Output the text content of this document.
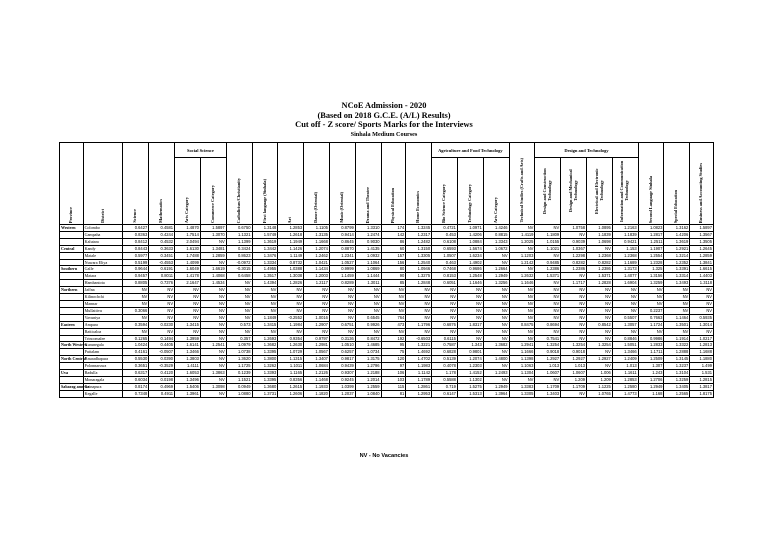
NCoE Admission - 2020
(Based on 2018 G.C.E. (A/L) Results)
Cut off - Z score/ Sports Marks for the Interviews
Sinhala Medium Courses
Province	District	Science	Mathematics	Social Science		Catholicism/Christianity	First language (Sinhala)	Art	Dance (Oriental)	Music (Oriental)	Drama and Theatre	Physical Education	Home Economics	Agriculture and Food Technology			Technical Studies (Crafts and Arts)	Design and Technology				Second Language Sinhala	Special Education	Business and Accounting Studies

				Arts Category	Commerce Category									Bio Science Category	Technology Category	Arts Category		Design and Construction Technology	Design and Mechanical Technology	Electrical and Electronic Technology	Information and Communication Technology			

Western	Colombo	0.6427	0.4581	1.4870	1.5897	0.6750	1.3148	1.2853	1.1105	0.8799	1.3310	174	1.3245	0.4721	1.0971	1.4246	NV	NV	1.0758	1.0895	1.2163	1.0823	1.3162	1.5897
	Gampaha	0.8363	0.4244	1.7514	1.3070	1.1321	1.5749	1.2618	1.3135	0.9414	1.2474	142	1.2317	0.453	1.4206	0.8815	1.4119	1.1809	NV	1.1839	1.1839	1.2817	1.4206	1.3567
	Kalutara	0.8412	0.4532	2.0494	NV	1.1399	1.3619	1.1949	1.1668	0.8645	0.9030	86	1.2482	0.6108	1.0884	1.3343	1.2025	1.0155	0.9039	1.0698	0.9421	1.2511	1.3619	1.3505
Central	Kandy	0.8443	0.3633	1.6130	1.3481	0.3424	1.3442	1.1426	1.2074	0.8870	1.4135	60	1.3150	0.6593	1.5674	1.0672	NV	1.1021	1.0367	NV	1.153	1.1907	1.2921	1.2645
	Matale	0.5977	0.3451	1.7488	1.2859	0.8623	1.3476	1.1149	1.2462	1.2341	1.0932	157	1.3305	1.0507	1.6234	NV	1.1203	NV	1.2298	1.2368	1.2368	1.2554	1.3214	1.2859
	Nuwara Eliya	0.5199	-0.4553	1.4099	NV	-0.0972	1.3334	0.8732	1.0421	1.0527	1.1064	156	1.2540	0.463	1.4902	NV	1.2142	0.9485	0.8282	0.8282	1.1689	1.2328	1.2352	1.3841
Southern	Galle	0.9644	0.6191	1.6049	1.6619	-0.3015	1.4955	1.0388	1.1434	0.9999	1.0869	80	1.0946	0.7468	0.9686	1.2664	NV	1.2386	1.2386	1.2386	1.3173	1.325	1.3391	1.6615
	Matara	0.9457	0.8011	1.4178	1.4068	0.6458	1.3517	1.3038	1.2003	1.1459	1.1444	90	1.3275	0.8153	1.2548	1.2949	1.2632	1.5371	NV	1.5371	1.4077	1.3156	1.3314	1.4403
	Hambantota	0.8805	0.7376	2.1647	1.4534	NV	1.4394	1.2826	1.2117	0.8289	1.3011	85	1.2848	0.6051	1.1646	1.3256	1.1646	NV	1.1717	1.2828	1.6904	1.3259	1.3493	1.3118
Northern	Jaffna	NV	NV	NV	NV	NV	NV	NV	NV	NV	NV	NV	NV	NV	NV	NV	NV	NV	NV	NV	NV	NV	NV	NV
	Kilinochchi	NV	NV	NV	NV	NV	NV	NV	NV	NV	NV	NV	NV	NV	NV	NV	NV	NV	NV	NV	NV	NV	NV	NV
	Mannar	NV	NV	NV	NV	NV	NV	NV	NV	NV	NV	NV	NV	NV	NV	NV	NV	NV	NV	NV	NV	NV	NV	NV
	Mullaitivu	0.3066	NV	NV	NV	NV	NV	NV	NV	NV	NV	NV	NV	NV	NV	NV	NV	NV	NV	NV	NV	0.2237	NV	NV
	Vavuniya	NV	NV	NV	NV	NV	1.1849	-0.2552	1.0016	NV	0.6545	764	NV	NV	NV	NV	NV	NV	NV	NV	0.5507	0.7663	1.1464	0.5935
Eastern	Ampara	0.3594	0.0230	1.3415	NV	0.573	1.3415	1.1984	1.2907	0.6751	0.9926	473	1.1796	0.6876	1.8317	NV	0.8475	0.8694	NV	0.8542	1.3057	1.1724	1.3501	1.3014
	Batticaloa	NV	NV	NV	NV	NV	NV	NV	NV	NV	NV	NV	NV	NV	NV	NV	NV	NV	NV	NV	NV	NV	NV	NV
	Trincomalee	0.1265	0.1494	1.3959	NV	0.357	1.2693	0.9354	0.9797	0.3136	0.8472	192	-0.6503	0.6115	NV	NV	NV	0.7541	NV	NV	0.8846	0.9986	1.1914	1.0217
North Western	Kurunegala	1.0424	0.4405	1.6141	1.2541	1.0979	1.3682	1.2630	1.2981	1.0510	1.4685	95	1.3221	0.7587	1.343	1.3682	1.2941	1.3254	1.3254	1.3254	1.5051	1.2833	1.3322	1.2813
	Puttalam	0.4161	-0.0507	1.3466	NV	1.0738	1.3395	1.0729	1.0567	0.6257	1.0734	75	1.4692	0.6828	0.9801	NV	1.1666	0.9018	0.9018	NV	1.3466	1.1711	1.2888	1.1688
North Central	Anuradhapura	0.5530	0.0390	1.3803	NV	1.3620	1.3800	1.1315	1.3407	0.9817	1.3175	120	1.4702	0.5139	1.2074	1.4800	1.1398	1.2927	1.2927	1.2927	1.2409	1.2509	1.3145	1.1880
	Polonnaruwa	0.3651	-0.3529	1.4111	NV	1.1725	1.3262	1.1011	1.0684	0.9439	1.2796	97	1.1983	0.4078	1.2303	NV	1.1063	1.013	1.013	NV	1.013	1.307	1.3237	1.499
Uva	Badulla	0.6317	0.4120	1.6053	1.3863	0.1239	1.3393	1.1165	1.2126	0.9307	1.2188	106	1.1142	1.178	1.4152	1.2493	1.1304	1.0607	1.0607	1.006	1.1611	1.243	1.3104	1.531
	Monaragala	0.6034	0.0198	1.3496	NV	1.1521	1.3395	0.8356	1.1468	0.9245	1.2014	103	1.1789	0.5588	1.1302	NV	NV	NV	1.209	1.209	1.2853	1.2706	1.3259	1.2815
Sabarag amuwa	Ratnapura	0.8174	0.4969	1.5406	1.3098	0.0949	1.3680	1.2615	1.1933	1.0399	1.2559	115	1.2861	0.719	1.5275	1.2949	1.3383	1.1709	1.1709	1.1225	1.2580	1.2949	1.3405	1.3817
	Kegalle	0.7348	0.4911	1.3961	NV	1.0880	1.3731	1.2606	1.1820	1.2037	1.0840	81	1.2953	0.6147	1.5313	1.3964	1.3305	1.3403	NV	1.0765	1.4773	1.168	1.2565	1.8175
NV - No Vacancies
